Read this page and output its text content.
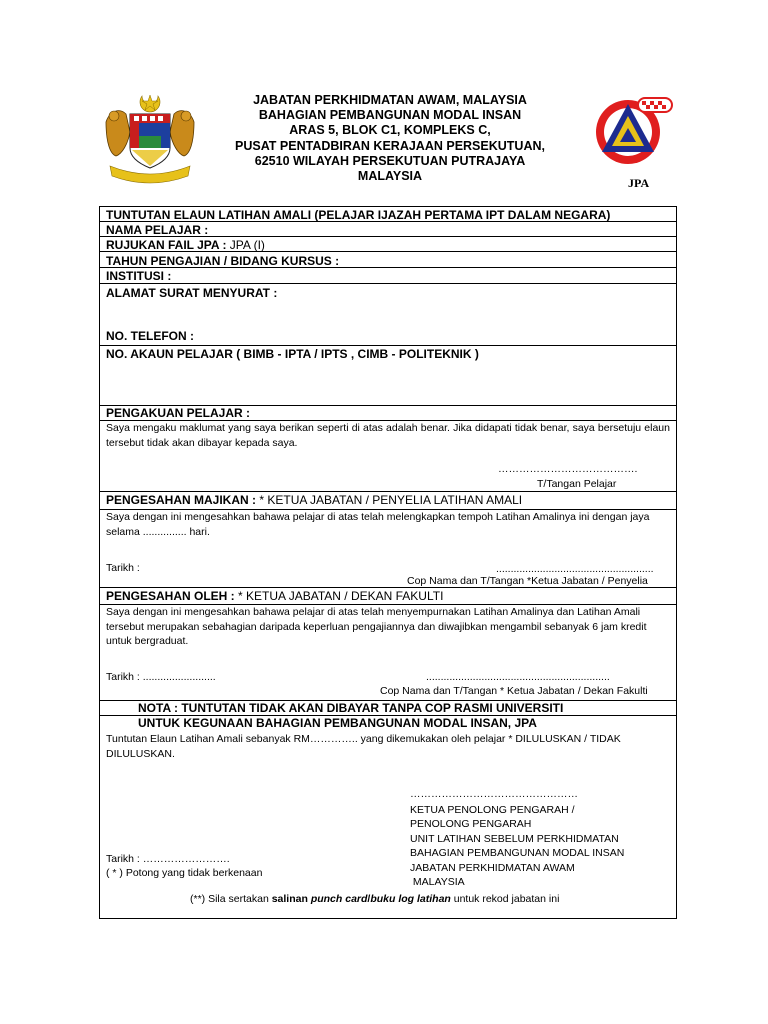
JABATAN PERKHIDMATAN AWAM, MALAYSIA
BAHAGIAN PEMBANGUNAN MODAL INSAN
ARAS 5, BLOK C1, KOMPLEKS C,
PUSAT PENTADBIRAN KERAJAAN PERSEKUTUAN,
62510 WILAYAH PERSEKUTUAN PUTRAJAYA
MALAYSIA	JPA
TUNTUTAN ELAUN LATIHAN AMALI (PELAJAR IJAZAH PERTAMA IPT DALAM NEGARA)
NAMA PELAJAR :
RUJUKAN FAIL JPA : JPA (I)
TAHUN PENGAJIAN / BIDANG KURSUS :
INSTITUSI :
ALAMAT SURAT MENYURAT :
NO. TELEFON :
NO. AKAUN PELAJAR ( BIMB - IPTA / IPTS , CIMB - POLITEKNIK )
PENGAKUAN PELAJAR :
Saya mengaku maklumat yang saya berikan seperti di atas adalah benar. Jika didapati tidak benar, saya bersetuju elaun tersebut tidak akan dibayar kepada saya.
………………………………….
T/Tangan Pelajar
PENGESAHAN MAJIKAN : * KETUA JABATAN / PENYELIA LATIHAN AMALI
Saya dengan ini mengesahkan bahawa pelajar di atas telah melengkapkan tempoh Latihan Amalinya ini dengan jaya selama ............... hari.
Tarikh :	......................................................
Cop Nama dan T/Tangan *Ketua Jabatan / Penyelia
PENGESAHAN OLEH : * KETUA JABATAN / DEKAN FAKULTI
Saya dengan ini mengesahkan bahawa pelajar di atas telah menyempurnakan Latihan Amalinya dan Latihan Amali tersebut merupakan sebahagian daripada keperluan pengajiannya dan diwajibkan mengambil sebanyak 6 jam kredit untuk bergraduat.
Tarikh : .........................	...............................................................
Cop Nama dan T/Tangan * Ketua Jabatan / Dekan Fakulti
NOTA : TUNTUTAN TIDAK AKAN DIBAYAR TANPA COP RASMI UNIVERSITI
UNTUK KEGUNAAN BAHAGIAN PEMBANGUNAN MODAL INSAN, JPA
Tuntutan Elaun Latihan Amali sebanyak RM………….. yang dikemukakan oleh pelajar * DILULUSKAN / TIDAK DILULUSKAN.
…………………………………………
KETUA PENOLONG PENGARAH /
PENOLONG PENGARAH
UNIT LATIHAN SEBELUM PERKHIDMATAN
BAHAGIAN PEMBANGUNAN MODAL INSAN
JABATAN PERKHIDMATAN AWAM
MALAYSIA
Tarikh : …………………….
( * ) Potong yang tidak berkenaan
(**) Sila sertakan salinan punch card/buku log latihan untuk rekod jabatan ini
